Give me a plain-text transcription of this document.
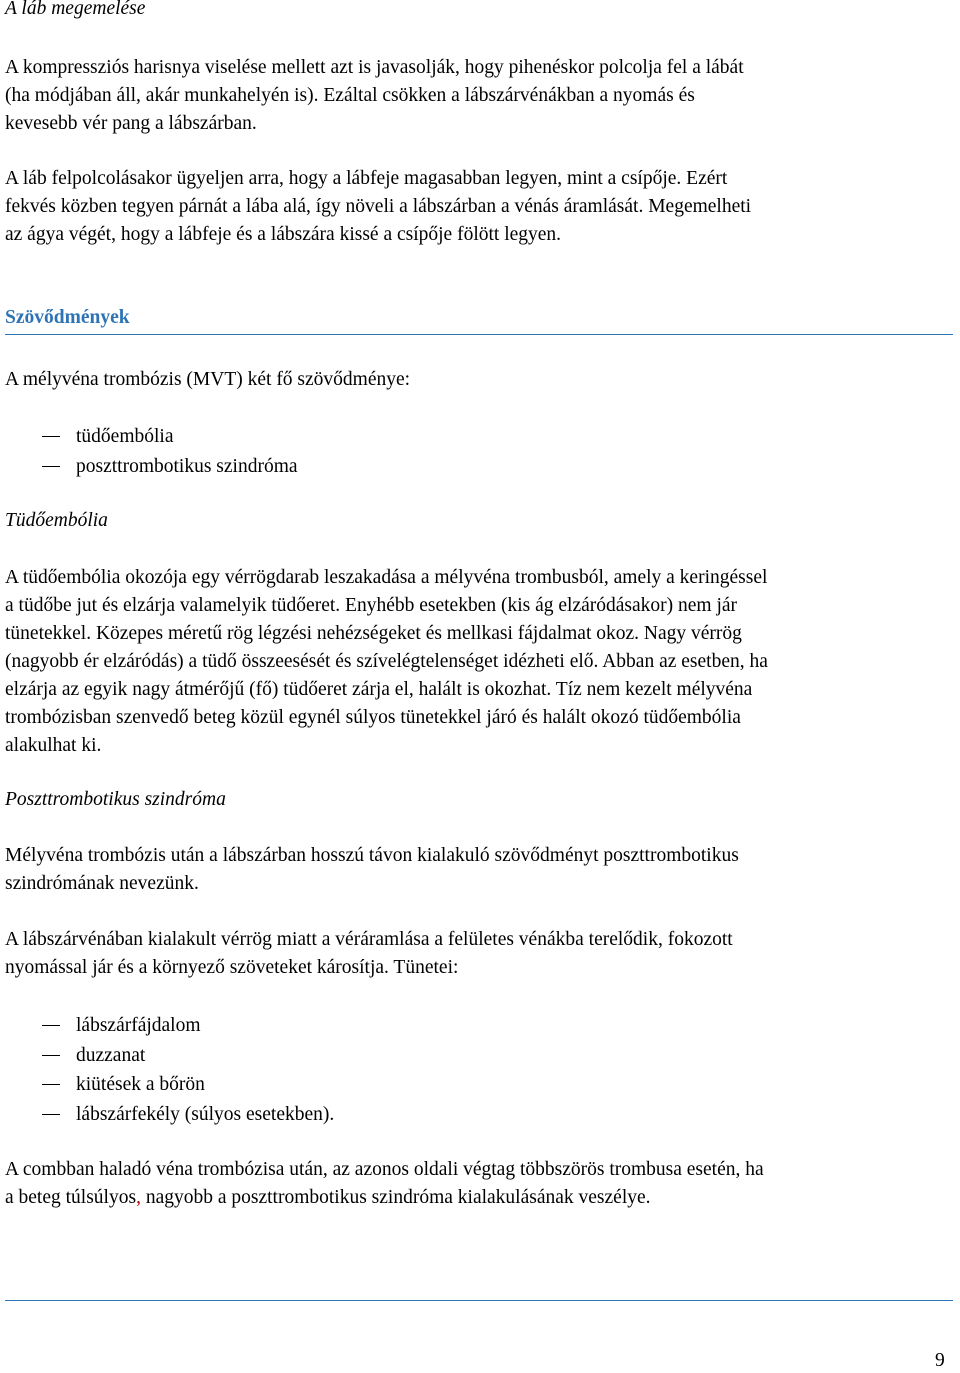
A láb megemelése

A kompressziós harisnya viselése mellett azt is javasolják, hogy pihenéskor polcolja fel a lábát
(ha módjában áll, akár munkahelyén is). Ezáltal csökken a lábszárvénákban a nyomás és
kevesebb vér pang a lábszárban.

A láb felpolcolásakor ügyeljen arra, hogy a lábfeje magasabban legyen, mint a csípője. Ezért
fekvés közben tegyen párnát a lába alá, így növeli a lábszárban a vénás áramlását. Megemelheti
az ágya végét, hogy a lábfeje és a lábszára kissé a csípője fölött legyen.

Szövődmények

A mélyvéna trombózis (MVT) két fő szövődménye:

tüdőembólia
poszttrombotikus szindróma
Tüdőembólia

A tüdőembólia okozója egy vérrögdarab leszakadása a mélyvéna trombusból, amely a keringéssel
a tüdőbe jut és elzárja valamelyik tüdőeret. Enyhébb esetekben (kis ág elzáródásakor) nem jár
tünetekkel. Közepes méretű rög légzési nehézségeket és mellkasi fájdalmat okoz. Nagy vérrög
(nagyobb ér elzáródás) a tüdő összeesését és szívelégtelenséget idézheti elő. Abban az esetben, ha
elzárja az egyik nagy átmérőjű (fő) tüdőeret zárja el, halált is okozhat. Tíz nem kezelt mélyvéna
trombózisban szenvedő beteg közül egynél súlyos tünetekkel járó és halált okozó tüdőembólia
alakulhat ki.

Poszttrombotikus szindróma

Mélyvéna trombózis után a lábszárban hosszú távon kialakuló szövődményt poszttrombotikus
szindrómának nevezünk.

A lábszárvénában kialakult vérrög miatt a véráramlása a felületes vénákba terelődik, fokozott
nyomással jár és a környező szöveteket károsítja. Tünetei:

lábszárfájdalom
duzzanat
kiütések a bőrön
lábszárfekély (súlyos esetekben).

A combban haladó véna trombózisa után, az azonos oldali végtag többszörös trombusa esetén, ha
a beteg túlsúlyos, nagyobb a poszttrombotikus szindróma kialakulásának veszélye.

9
